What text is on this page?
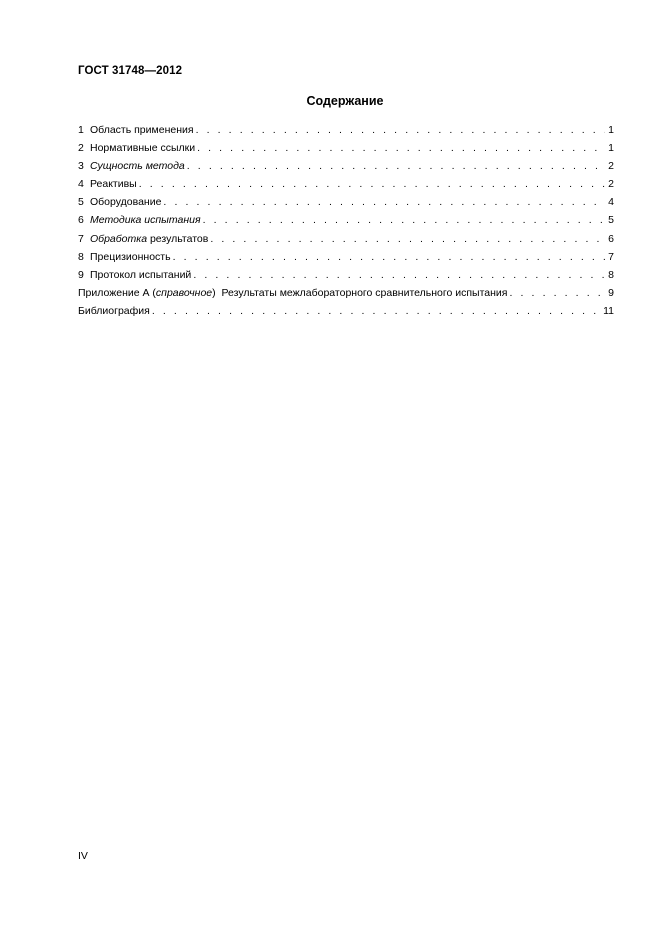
ГОСТ 31748—2012
Содержание
1 Область применения . . .	1
2 Нормативные ссылки . . .	1
3 Сущность метода . . .	2
4 Реактивы . . .	2
5 Оборудование . . .	4
6 Методика испытания . . .	5
7 Обработка результатов . . .	6
8 Прецизионность . . .	7
9 Протокол испытаний . . .	8
Приложение А (справочное)  Результаты межлабораторного сравнительного испытания . . .	9
Библиография . . .	11
IV
